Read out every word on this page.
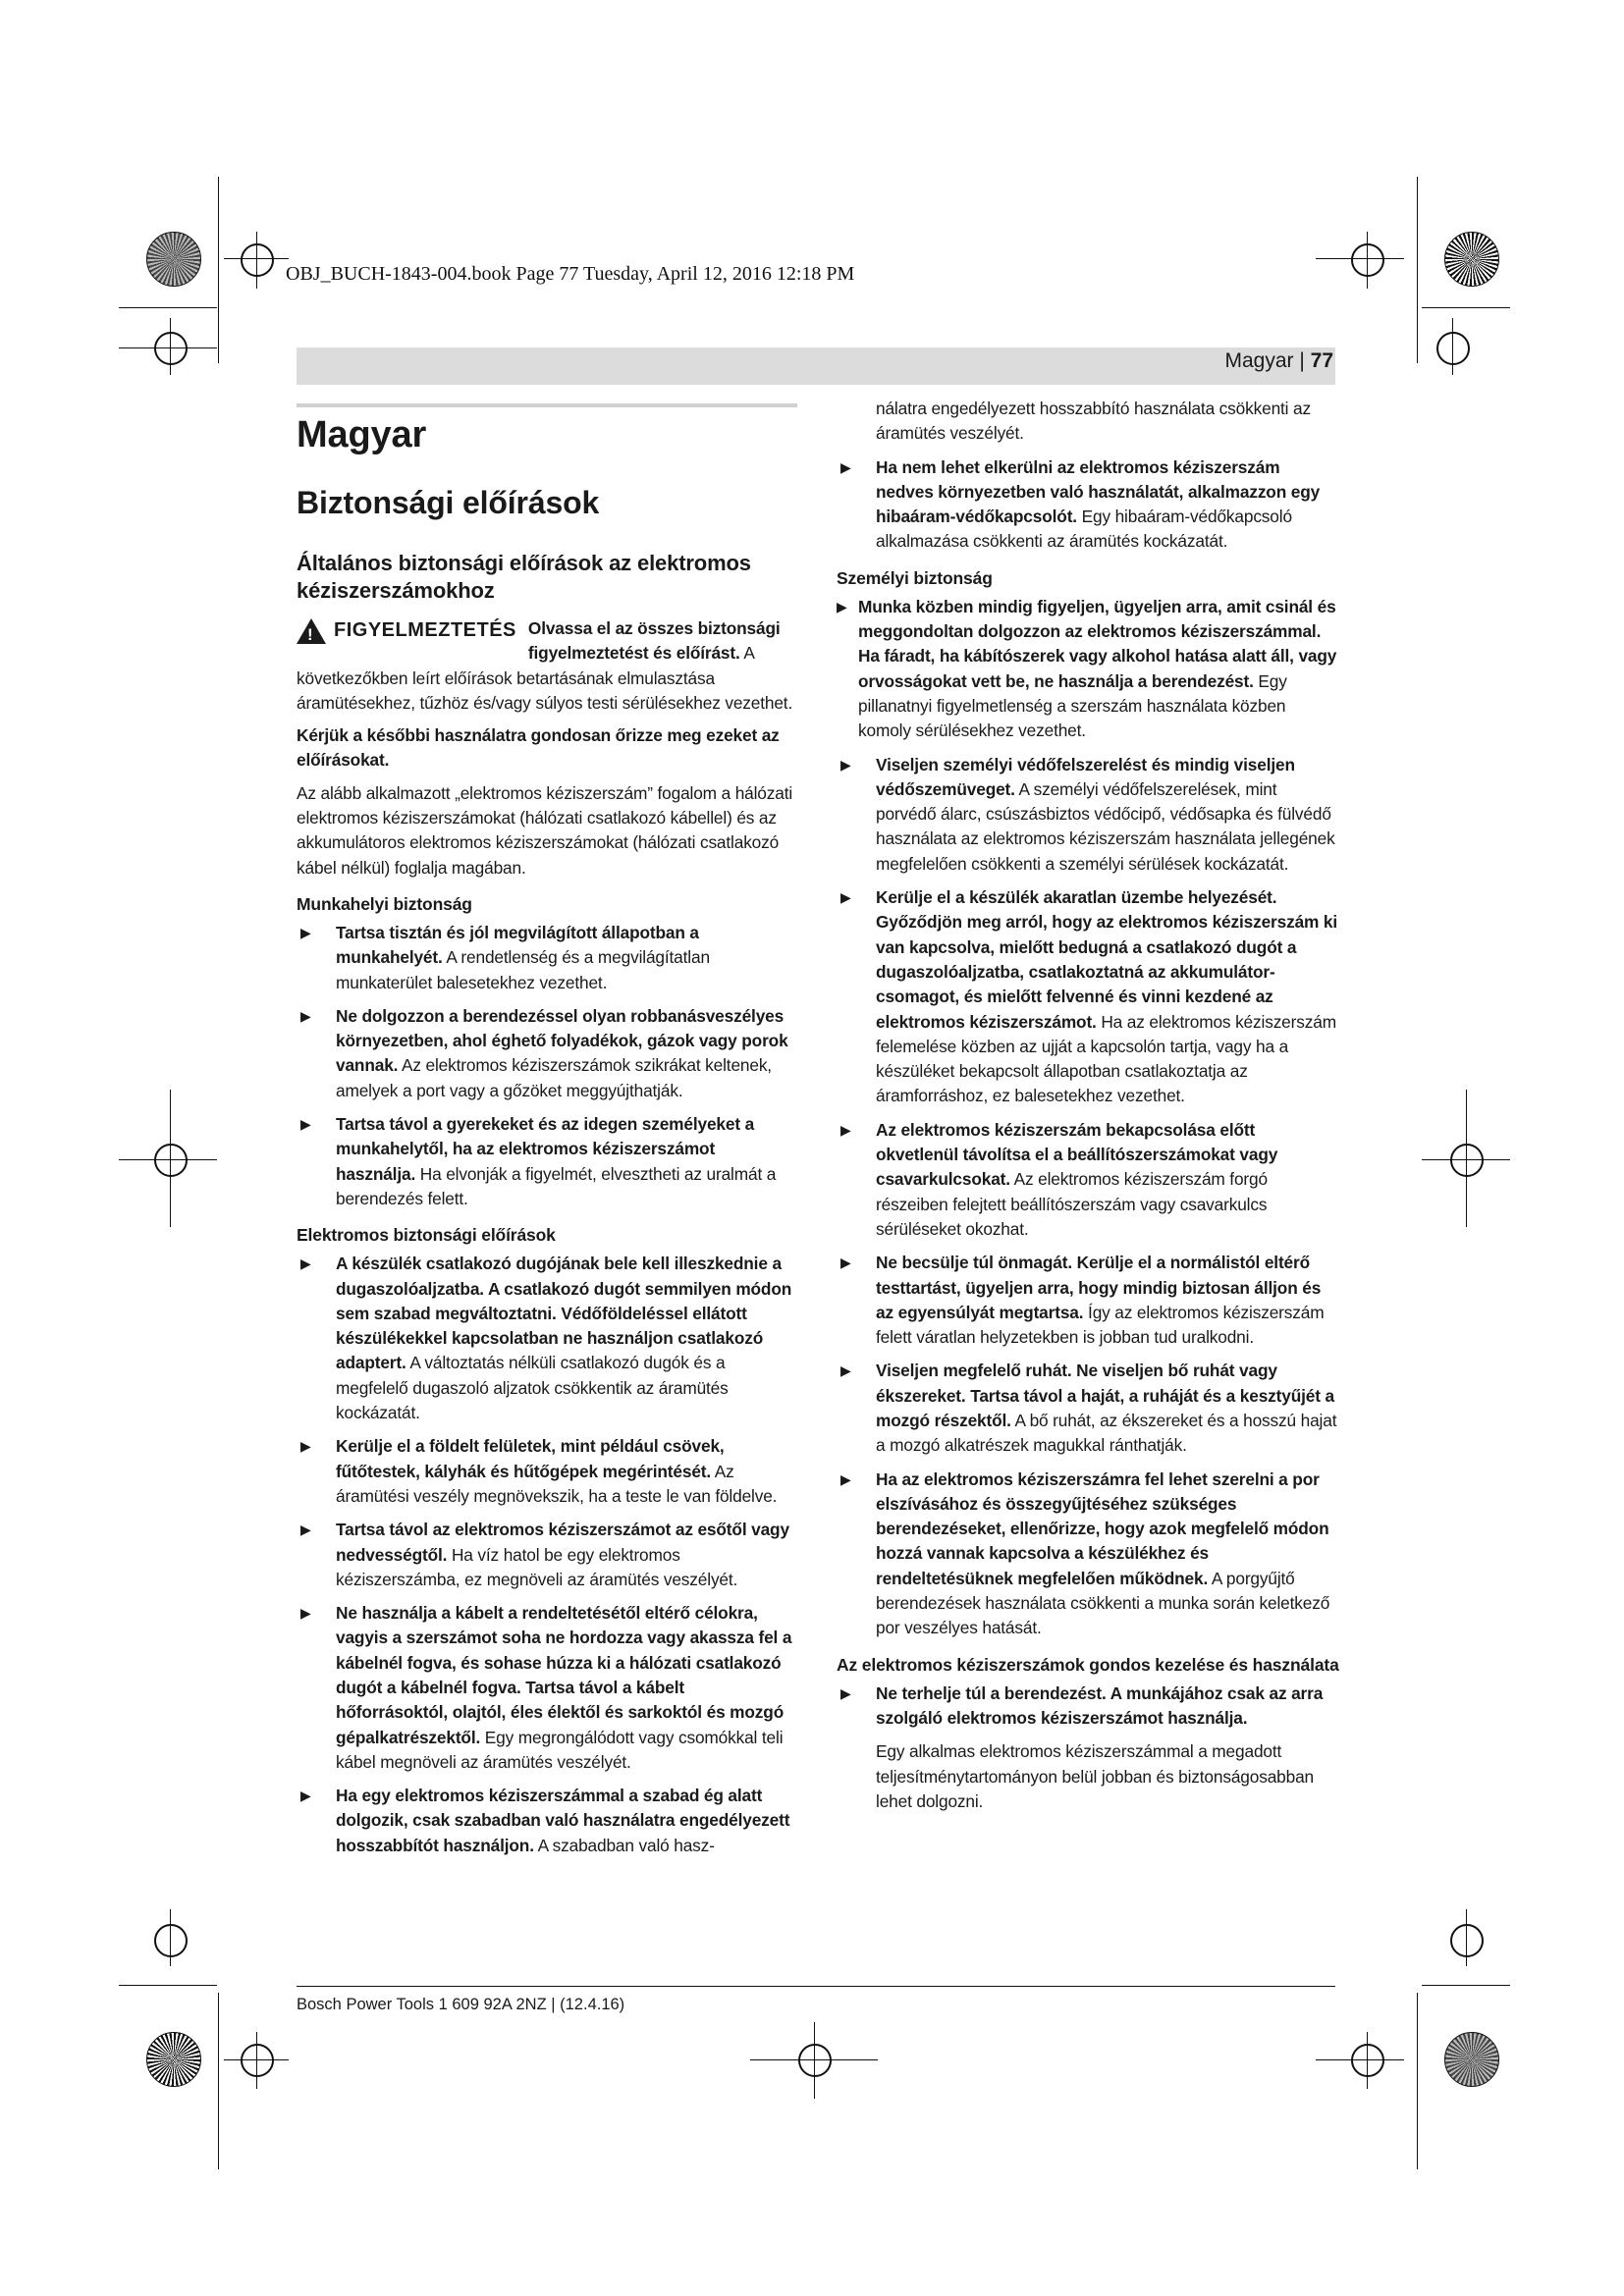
OBJ_BUCH-1843-004.book Page 77 Tuesday, April 12, 2016 12:18 PM
Magyar | 77
Magyar
Biztonsági előírások
Általános biztonsági előírások az elektromos kéziszerszámokhoz
!
FIGYELMEZTETÉS Olvassa el az összes biztonsági figyelmeztetést és előírást. A következőkben leírt előírások betartásának elmulasztása áramütésekhez, tűzhöz és/vagy súlyos testi sérülésekhez vezethet.

Kérjük a későbbi használatra gondosan őrizze meg ezeket az előírásokat.

Az alább alkalmazott „elektromos kéziszerszám” fogalom a hálózati elektromos kéziszerszámokat (hálózati csatlakozó kábellel) és az akkumulátoros elektromos kéziszerszámokat (hálózati csatlakozó kábel nélkül) foglalja magában.

Munkahelyi biztonság
▶ Tartsa tisztán és jól megvilágított állapotban a munkahelyét. A rendetlenség és a megvilágítatlan munkaterület balesetekhez vezethet.
▶ Ne dolgozzon a berendezéssel olyan robbanásveszélyes környezetben, ahol éghető folyadékok, gázok vagy porok vannak. Az elektromos kéziszerszámok szikrákat keltenek, amelyek a port vagy a gőzöket meggyújthatják.
▶ Tartsa távol a gyerekeket és az idegen személyeket a munkahelytől, ha az elektromos kéziszerszámot használja. Ha elvonják a figyelmét, elvesztheti az uralmát a berendezés felett.
Elektromos biztonsági előírások
▶ A készülék csatlakozó dugójának bele kell illeszkednie a dugaszolóaljzatba. A csatlakozó dugót semmilyen módon sem szabad megváltoztatni. Védőföldeléssel ellátott készülékekkel kapcsolatban ne használjon csatlakozó adaptert. A változtatás nélküli csatlakozó dugók és a megfelelő dugaszoló aljzatok csökkentik az áramütés kockázatát.
▶ Kerülje el a földelt felületek, mint például csövek, fűtőtestek, kályhák és hűtőgépek megérintését. Az áramütési veszély megnövekszik, ha a teste le van földelve.
▶ Tartsa távol az elektromos kéziszerszámot az esőtől vagy nedvességtől. Ha víz hatol be egy elektromos kéziszerszámba, ez megnöveli az áramütés veszélyét.
▶ Ne használja a kábelt a rendeltetésétől eltérő célokra, vagyis a szerszámot soha ne hordozza vagy akassza fel a kábelnél fogva, és sohase húzza ki a hálózati csatlakozó dugót a kábelnél fogva. Tartsa távol a kábelt hőforrásoktól, olajtól, éles élektől és sarkoktól és mozgó gépalkatrészektől. Egy megrongálódott vagy csomókkal teli kábel megnöveli az áramütés veszélyét.
▶ Ha egy elektromos kéziszerszámmal a szabad ég alatt dolgozik, csak szabadban való használatra engedélyezett hosszabbítót használjon. A szabadban való hasz-

nálatra engedélyezett hosszabbító használata csökkenti az áramütés veszélyét.

▶ Ha nem lehet elkerülni az elektromos kéziszerszám nedves környezetben való használatát, alkalmazzon egy hibaáram-védőkapcsolót. Egy hibaáram-védőkapcsoló alkalmazása csökkenti az áramütés kockázatát.
Személyi biztonság
▶ Munka közben mindig figyeljen, ügyeljen arra, amit csinál és meggondoltan dolgozzon az elektromos kéziszerszámmal. Ha fáradt, ha kábítószerek vagy alkohol hatása alatt áll, vagy orvosságokat vett be, ne használja a berendezést. Egy pillanatnyi figyelmetlenség a szerszám használata közben komoly sérülésekhez vezethet.
▶ Viseljen személyi védőfelszerelést és mindig viseljen védőszemüveget. A személyi védőfelszerelések, mint porvédő álarc, csúszásbiztos védőcipő, védősapka és fülvédő használata az elektromos kéziszerszám használata jellegének megfelelően csökkenti a személyi sérülések kockázatát.
▶ Kerülje el a készülék akaratlan üzembe helyezését. Győződjön meg arról, hogy az elektromos kéziszerszám ki van kapcsolva, mielőtt bedugná a csatlakozó dugót a dugaszolóaljzatba, csatlakoztatná az akkumulátor-csomagot, és mielőtt felvenné és vinni kezdené az elektromos kéziszerszámot. Ha az elektromos kéziszerszám felemelése közben az ujját a kapcsolón tartja, vagy ha a készüléket bekapcsolt állapotban csatlakoztatja az áramforráshoz, ez balesetekhez vezethet.
▶ Az elektromos kéziszerszám bekapcsolása előtt okvetlenül távolítsa el a beállítószerszámokat vagy csavarkulcsokat. Az elektromos kéziszerszám forgó részeiben felejtett beállítószerszám vagy csavarkulcs sérüléseket okozhat.
▶ Ne becsülje túl önmagát. Kerülje el a normálistól eltérő testtartást, ügyeljen arra, hogy mindig biztosan álljon és az egyensúlyát megtartsa. Így az elektromos kéziszerszám felett váratlan helyzetekben is jobban tud uralkodni.
▶ Viseljen megfelelő ruhát. Ne viseljen bő ruhát vagy ékszereket. Tartsa távol a haját, a ruháját és a kesztyűjét a mozgó részektől. A bő ruhát, az ékszereket és a hosszú hajat a mozgó alkatrészek magukkal ránthatják.
▶ Ha az elektromos kéziszerszámra fel lehet szerelni a por elszívásához és összegyűjtéséhez szükséges berendezéseket, ellenőrizze, hogy azok megfelelő módon hozzá vannak kapcsolva a készülékhez és rendeltetésüknek megfelelően működnek. A porgyűjtő berendezések használata csökkenti a munka során keletkező por veszélyes hatását.
Az elektromos kéziszerszámok gondos kezelése és használata
▶ Ne terhelje túl a berendezést. A munkájához csak az arra szolgáló elektromos kéziszerszámot használja.

Egy alkalmas elektromos kéziszerszámmal a megadott teljesítménytartományon belül jobban és biztonságosabban lehet dolgozni.

Bosch Power Tools 1 609 92A 2NZ | (12.4.16)
